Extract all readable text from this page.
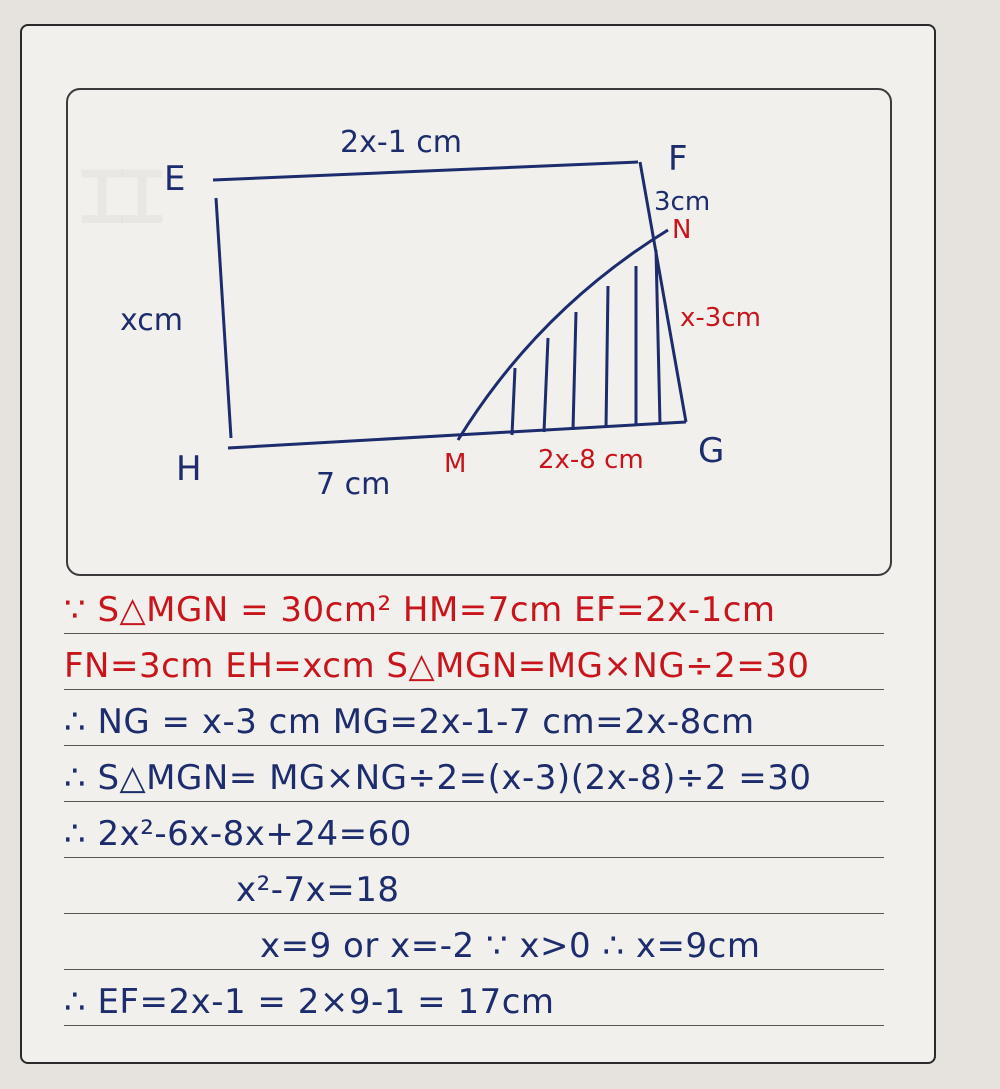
ꞮꞮ E	F
N
G
H	M
2x-1 cm
3cm
x-3cm
xcm
7 cm
2x-8 cm
∵ S△MGN = 30cm² HM=7cm EF=2x-1cm
FN=3cm EH=xcm S△MGN=MG×NG÷2=30
∴ NG = x-3 cm MG=2x-1-7 cm=2x-8cm
∴ S△MGN= MG×NG÷2=(x-3)(2x-8)÷2 =30
∴ 2x²-6x-8x+24=60
x²-7x=18
x=9 or x=-2 ∵ x>0 ∴ x=9cm
∴ EF=2x-1 = 2×9-1 = 17cm
